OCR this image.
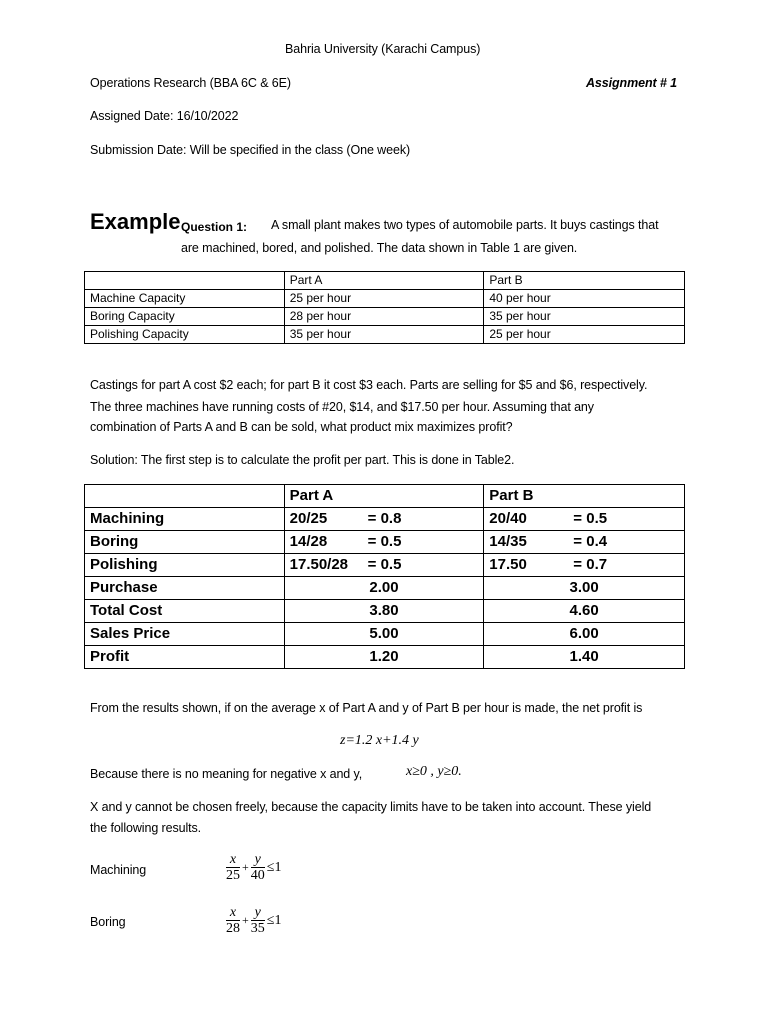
Bahria University (Karachi Campus)
Operations Research (BBA 6C & 6E)	Assignment # 1
Assigned Date: 16/10/2022
Submission Date: Will be specified in the class (One week)
Example Question 1: A small plant makes two types of automobile parts. It buys castings that
are machined, bored, and polished. The data shown in Table 1 are given.
	Part A	Part B
Machine Capacity	25 per hour	40 per hour
Boring Capacity	28 per hour	35 per hour
Polishing Capacity	35 per hour	25 per hour
Castings for part A cost $2 each; for part B it cost $3 each. Parts are selling for $5 and $6, respectively.
The three machines have running costs of #20, $14, and $17.50 per hour. Assuming that any
combination of Parts A and B can be sold, what product mix maximizes profit?
Solution: The first step is to calculate the profit per part. This is done in Table2.
	Part A	Part B
Machining	20/25 = 0.8	20/40 = 0.5
Boring	14/28 = 0.5	14/35 = 0.4
Polishing	17.50/28 = 0.5	17.50 = 0.7
Purchase	2.00	3.00
Total Cost	3.80	4.60
Sales Price	5.00	6.00
Profit	1.20	1.40
From the results shown, if on the average x of Part A and y of Part B per hour is made, the net profit is
z=1.2 x+1.4 y
Because there is no meaning for negative x and y,	x≥0 , y≥0.
X and y cannot be chosen freely, because the capacity limits have to be taken into account. These yield
the following results.
Machining	$\frac{x}{25} + \frac{y}{40} \le 1$
Boring	$\frac{x}{28} + \frac{y}{35} \le 1$
